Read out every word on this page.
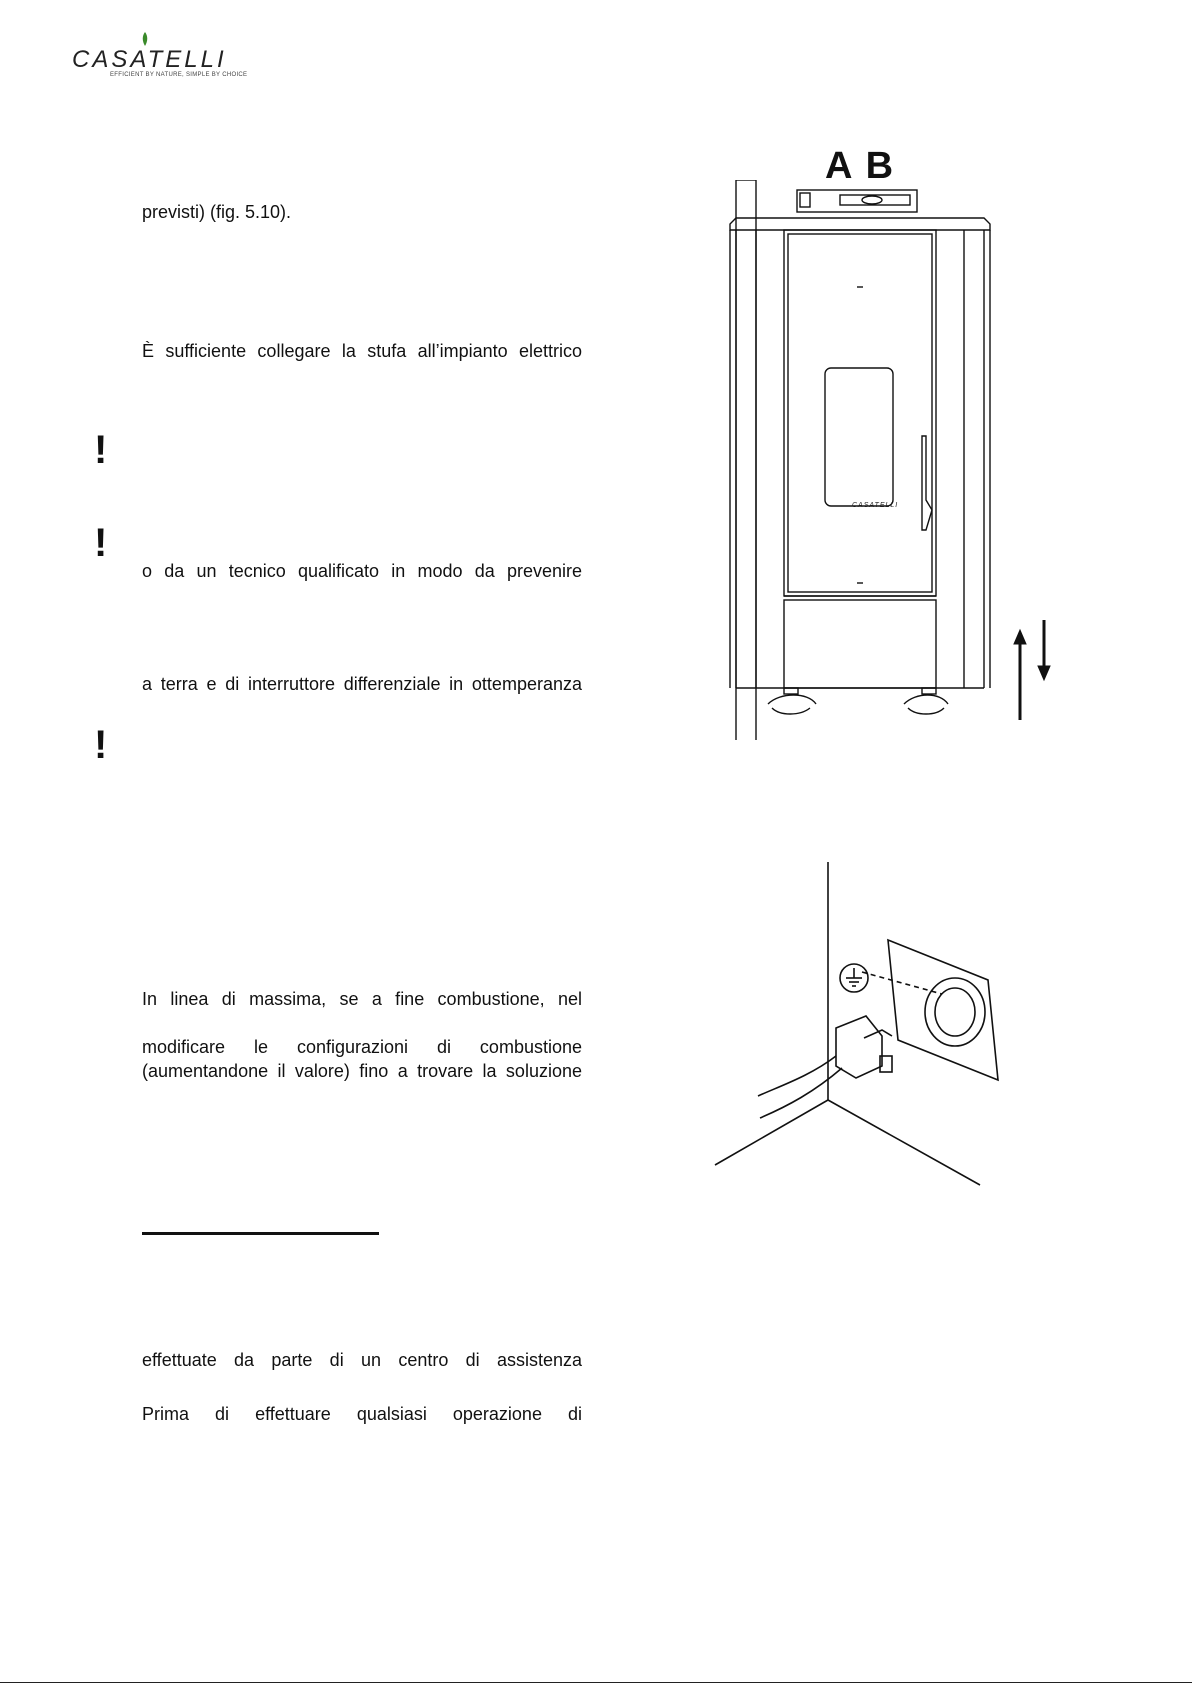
CASATELLI
EFFICIENT BY NATURE, SIMPLE BY CHOICE

previsti) (fig. 5.10).

È sufficiente collegare la stufa all’impianto elettrico

o da un tecnico qualificato in modo da prevenire

a terra e di interruttore differenziale in ottemperanza

In linea di massima, se a fine combustione, nel

modificare le configurazioni di combustione

(aumentandone il valore) fino a trovare la soluzione

effettuate da parte di un centro di assistenza

Prima di effettuare qualsiasi operazione di

!
!
!
A B
CASATELLI
